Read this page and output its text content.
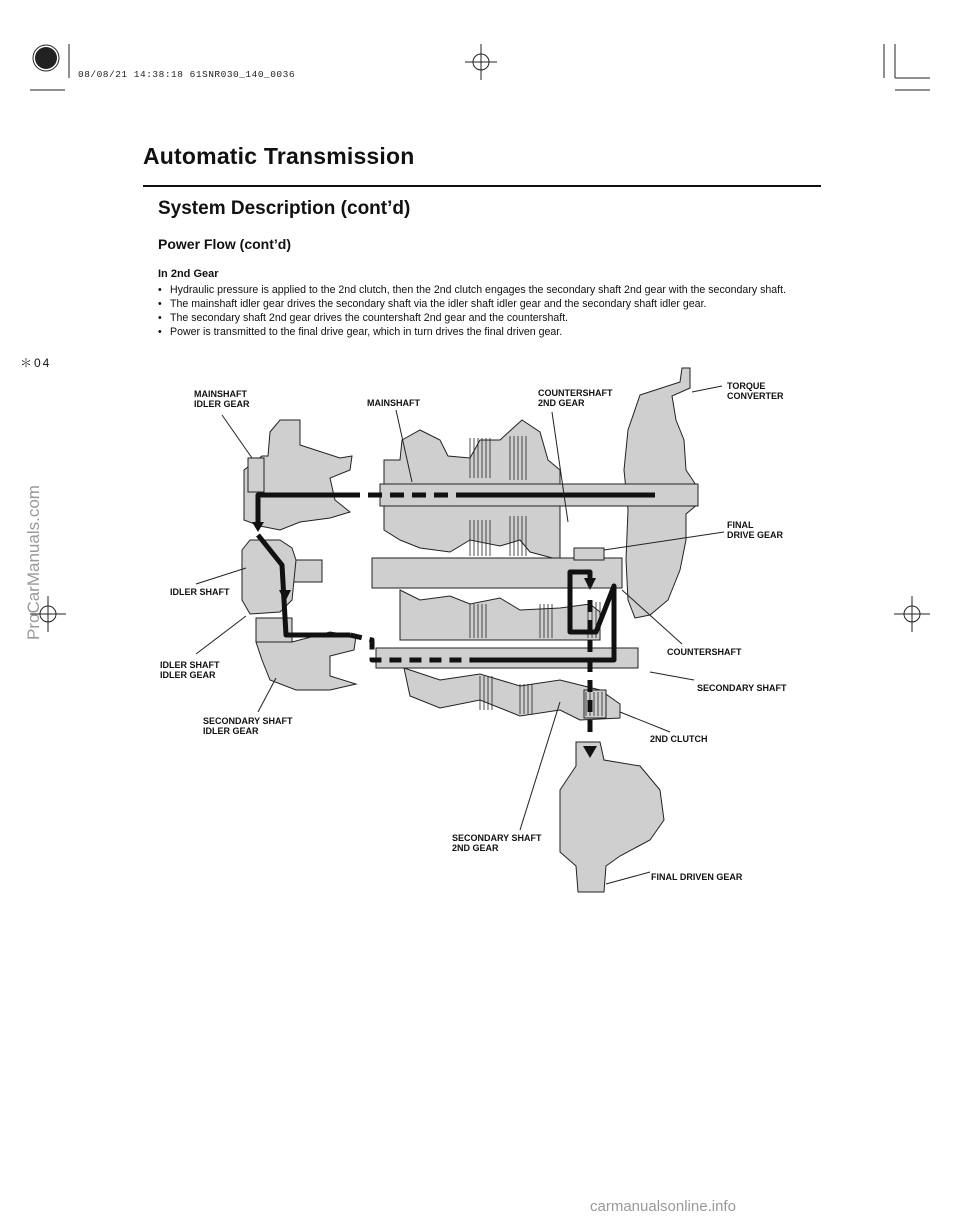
08/08/21 14:38:18 61SNR030_140_0036
Automatic Transmission
System Description (cont’d)
Power Flow (cont’d)
In 2nd Gear
• Hydraulic pressure is applied to the 2nd clutch, then the 2nd clutch engages the secondary shaft 2nd gear with the secondary shaft.
• The mainshaft idler gear drives the secondary shaft via the idler shaft idler gear and the secondary shaft idler gear.
• The secondary shaft 2nd gear drives the countershaft 2nd gear and the countershaft.
• Power is transmitted to the final drive gear, which in turn drives the final driven gear.
＊04
MAINSHAFT
IDLER GEAR	MAINSHAFT
COUNTERSHAFT
2ND GEAR
TORQUE
CONVERTER
FINAL
DRIVE GEAR
IDLER SHAFT
IDLER SHAFT
IDLER GEAR
SECONDARY SHAFT
IDLER GEAR
COUNTERSHAFT
SECONDARY SHAFT
2ND CLUTCH
SECONDARY SHAFT
2ND GEAR
FINAL DRIVEN GEAR
ProCarManuals.com
carmanualsonline.info
